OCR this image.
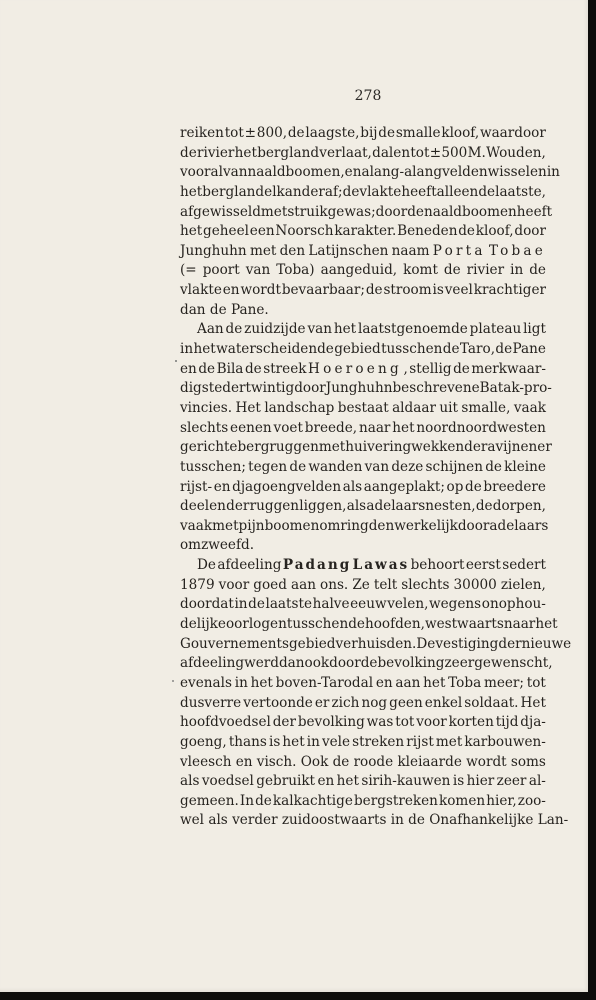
278
reiken tot ± 800, de laagste, bij de smalle kloof, waardoor
de rivier het bergland verlaat, dalen tot ± 500 M. Wouden,
vooral van naaldboomen, en alang-alangvelden wisselen in
het bergland elkander af; de vlakte heeft alleen de laatste,
afgewisseld met struikgewas; door de naaldboomen heeft
het geheel een Noorsch karakter. Beneden de kloof, door
Junghuhn met den Latijnschen naam Porta Tobae
(= poort van Toba) aangeduid, komt de rivier in de
vlakte en wordt bevaarbaar; de stroom is veel krachtiger
dan de Pane.
Aan de zuidzijde van het laatstgenoemde plateau ligt
in het waterscheidende gebied tusschen de Taro, de Pane
en de Bila de streek Hoeroeng , stellig de merkwaar-
digste der twintig door Junghuhn beschrevene Batak-pro-
vincies. Het landschap bestaat aldaar uit smalle, vaak
slechts eenen voet breede, naar het noordnoordwesten
gerichte bergruggen met huiveringwekkende ravijnen er
tusschen; tegen de wanden van deze schijnen de kleine
rijst- en djagoengvelden als aangeplakt; op de breedere
deelen der ruggen liggen, als adelaarsnesten, de dorpen,
vaak met pijnboomen omringd en werkelijk door adelaars
omzweefd.
De afdeeling Padang Lawas behoort eerst sedert
1879 voor goed aan ons. Ze telt slechts 30000 zielen,
doordat in de laatste halve eeuw velen, wegens onophou-
delijke oorlogen tusschen de hoofden, westwaarts naar het
Gouvernementsgebied verhuisden. De vestiging der nieuwe
afdeeling werd dan ook door de bevolking zeer gewenscht,
evenals in het boven-Tarodal en aan het Toba meer; tot
dusverre vertoonde er zich nog geen enkel soldaat. Het
hoofdvoedsel der bevolking was tot voor korten tijd dja-
goeng, thans is het in vele streken rijst met karbouwen-
vleesch en visch. Ook de roode kleiaarde wordt soms
als voedsel gebruikt en het sirih-kauwen is hier zeer al-
gemeen. In de kalkachtige bergstreken komen hier, zoo-
wel als verder zuidoostwaarts in de Onafhankelijke Lan-
